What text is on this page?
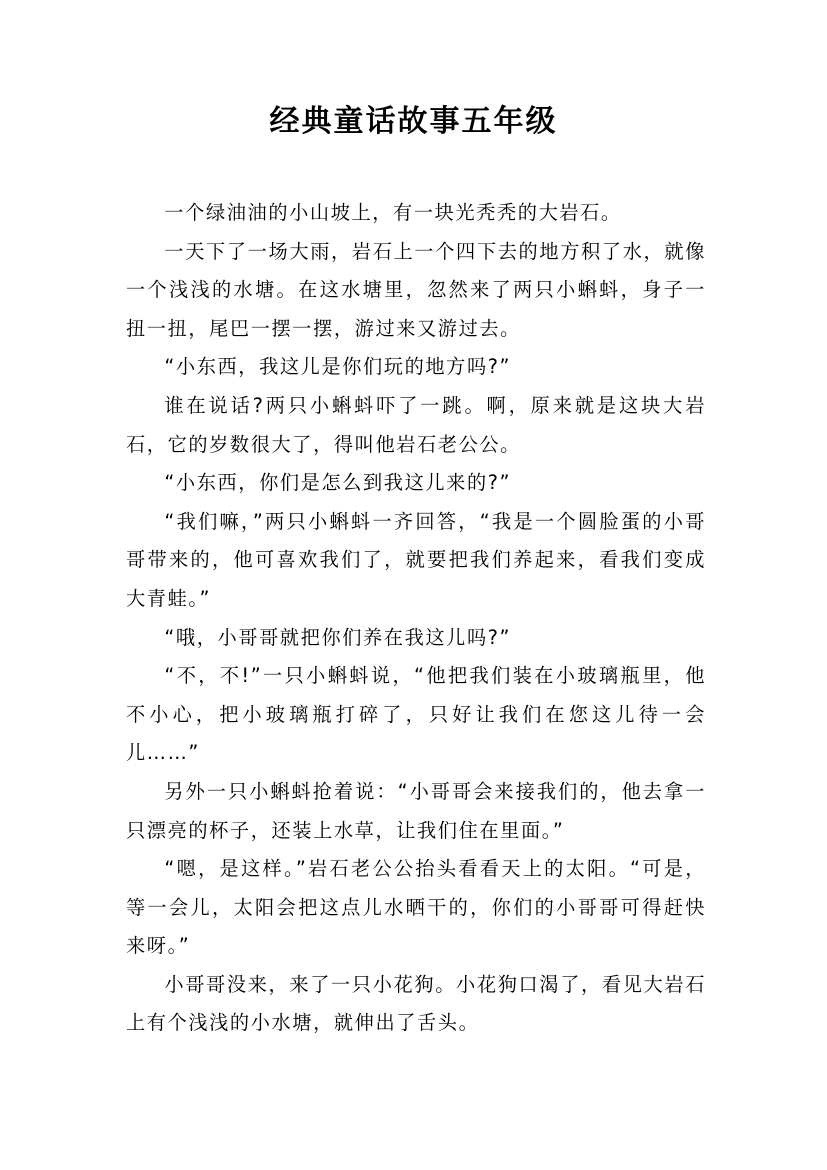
经典童话故事五年级

一个绿油油的小山坡上，有一块光秃秃的大岩石。

一天下了一场大雨，岩石上一个四下去的地方积了水，就像一个浅浅的水塘。在这水塘里，忽然来了两只小蝌蚪，身子一扭一扭，尾巴一摆一摆，游过来又游过去。

“小东西，我这儿是你们玩的地方吗?”

谁在说话?两只小蝌蚪吓了一跳。啊，原来就是这块大岩石，它的岁数很大了，得叫他岩石老公公。

“小东西，你们是怎么到我这儿来的?”

“我们嘛，”两只小蝌蚪一齐回答，“我是一个圆脸蛋的小哥哥带来的，他可喜欢我们了，就要把我们养起来，看我们变成大青蛙。”

“哦，小哥哥就把你们养在我这儿吗?”

“不，不!”一只小蝌蚪说，“他把我们装在小玻璃瓶里，他不小心，把小玻璃瓶打碎了，只好让我们在您这儿待一会儿……”

另外一只小蝌蚪抢着说：“小哥哥会来接我们的，他去拿一只漂亮的杯子，还装上水草，让我们住在里面。”

“嗯，是这样。”岩石老公公抬头看看天上的太阳。“可是，等一会儿，太阳会把这点儿水晒干的，你们的小哥哥可得赶快来呀。”

小哥哥没来，来了一只小花狗。小花狗口渴了，看见大岩石上有个浅浅的小水塘，就伸出了舌头。
